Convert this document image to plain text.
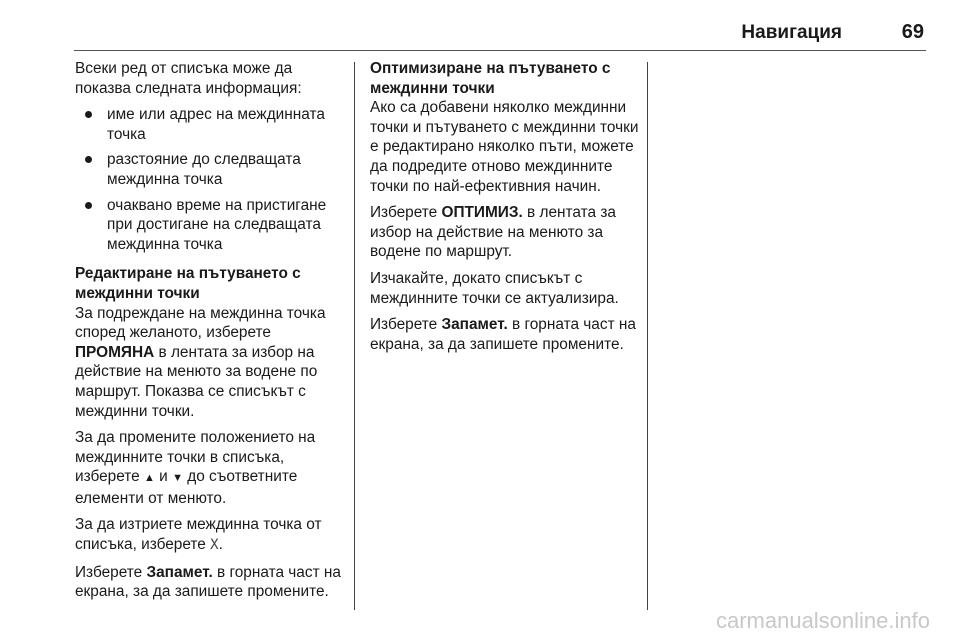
Навигация	69

Всеки ред от списъка може да показва следната информация:

име или адрес на междинната точка
разстояние до следващата междинна точка
очаквано време на пристигане при достигане на следващата междинна точка
Редактиране на пътуването с междинни точки

За подреждане на междинна точка според желаното, изберете ПРОМЯНА в лентата за избор на действие на менюто за водене по маршрут. Показва се списъкът с междинни точки.

За да промените положението на междинните точки в списъка, изберете ▲ и ▼ до съответните елементи от менюто.

За да изтриете междинна точка от списъка, изберете X.

Изберете Запамет. в горната част на екрана, за да запишете промените.

Оптимизиране на пътуването с междинни точки

Ако са добавени няколко междинни точки и пътуването с междинни точки е редактирано няколко пъти, можете да подредите отново междинните точки по най-ефективния начин.

Изберете ОПТИМИЗ. в лентата за избор на действие на менюто за водене по маршрут.

Изчакайте, докато списъкът с междинните точки се актуализира.

Изберете Запамет. в горната част на екрана, за да запишете промените.

carmanualsonline.info
